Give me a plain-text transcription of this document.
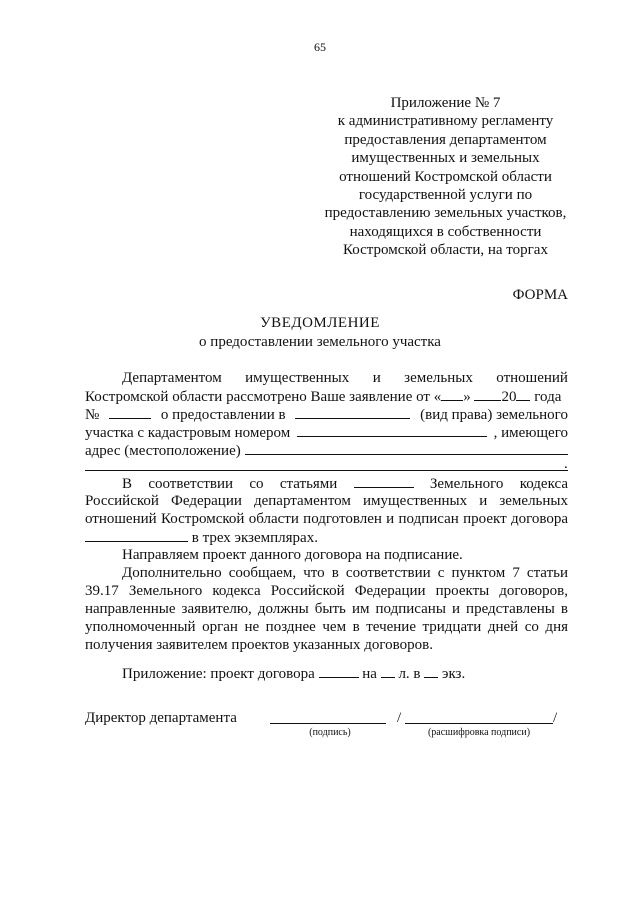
65
Приложение № 7
к административному регламенту
предоставления департаментом
имущественных и земельных
отношений Костромской области
государственной услуги по
предоставлению земельных участков,
находящихся в собственности
Костромской области, на торгах
ФОРМА
УВЕДОМЛЕНИЕ
о предоставлении земельного участка
Департаментом имущественных и земельных отношений
Костромской области рассмотрено Ваше заявление от « » 20 года
№	о предоставлении в	(вид права) земельного
участка с кадастровым номером	, имеющего
адрес (местоположение)
.
В соответствии со статьями	Земельного кодекса
Российской Федерации департаментом имущественных и земельных
отношений Костромской области подготовлен и подписан проект договора
в трех экземплярах.
Направляем проект данного договора на подписание.
Дополнительно сообщаем, что в соответствии с пунктом 7 статьи
39.17 Земельного кодекса Российской Федерации проекты договоров,
направленные заявителю, должны быть им подписаны и представлены в
уполномоченный орган не позднее чем в течение тридцати дней со дня
получения заявителем проектов указанных договоров.
Приложение: проект договора	на л. в экз.
Директор департамента	/	/
(подпись)	(расшифровка подписи)
